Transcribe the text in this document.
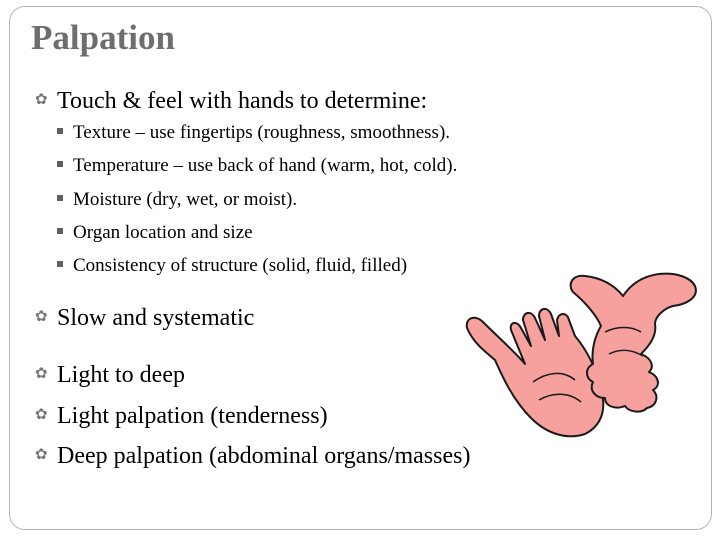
Palpation
✿ Touch & feel with hands to determine:
Texture – use fingertips (roughness, smoothness).
Temperature – use back of hand (warm, hot, cold).
Moisture (dry, wet, or moist).
Organ location and size
Consistency of structure (solid, fluid, filled)
✿ Slow and systematic
✿ Light to deep
✿ Light palpation (tenderness)
✿ Deep palpation (abdominal organs/masses)
